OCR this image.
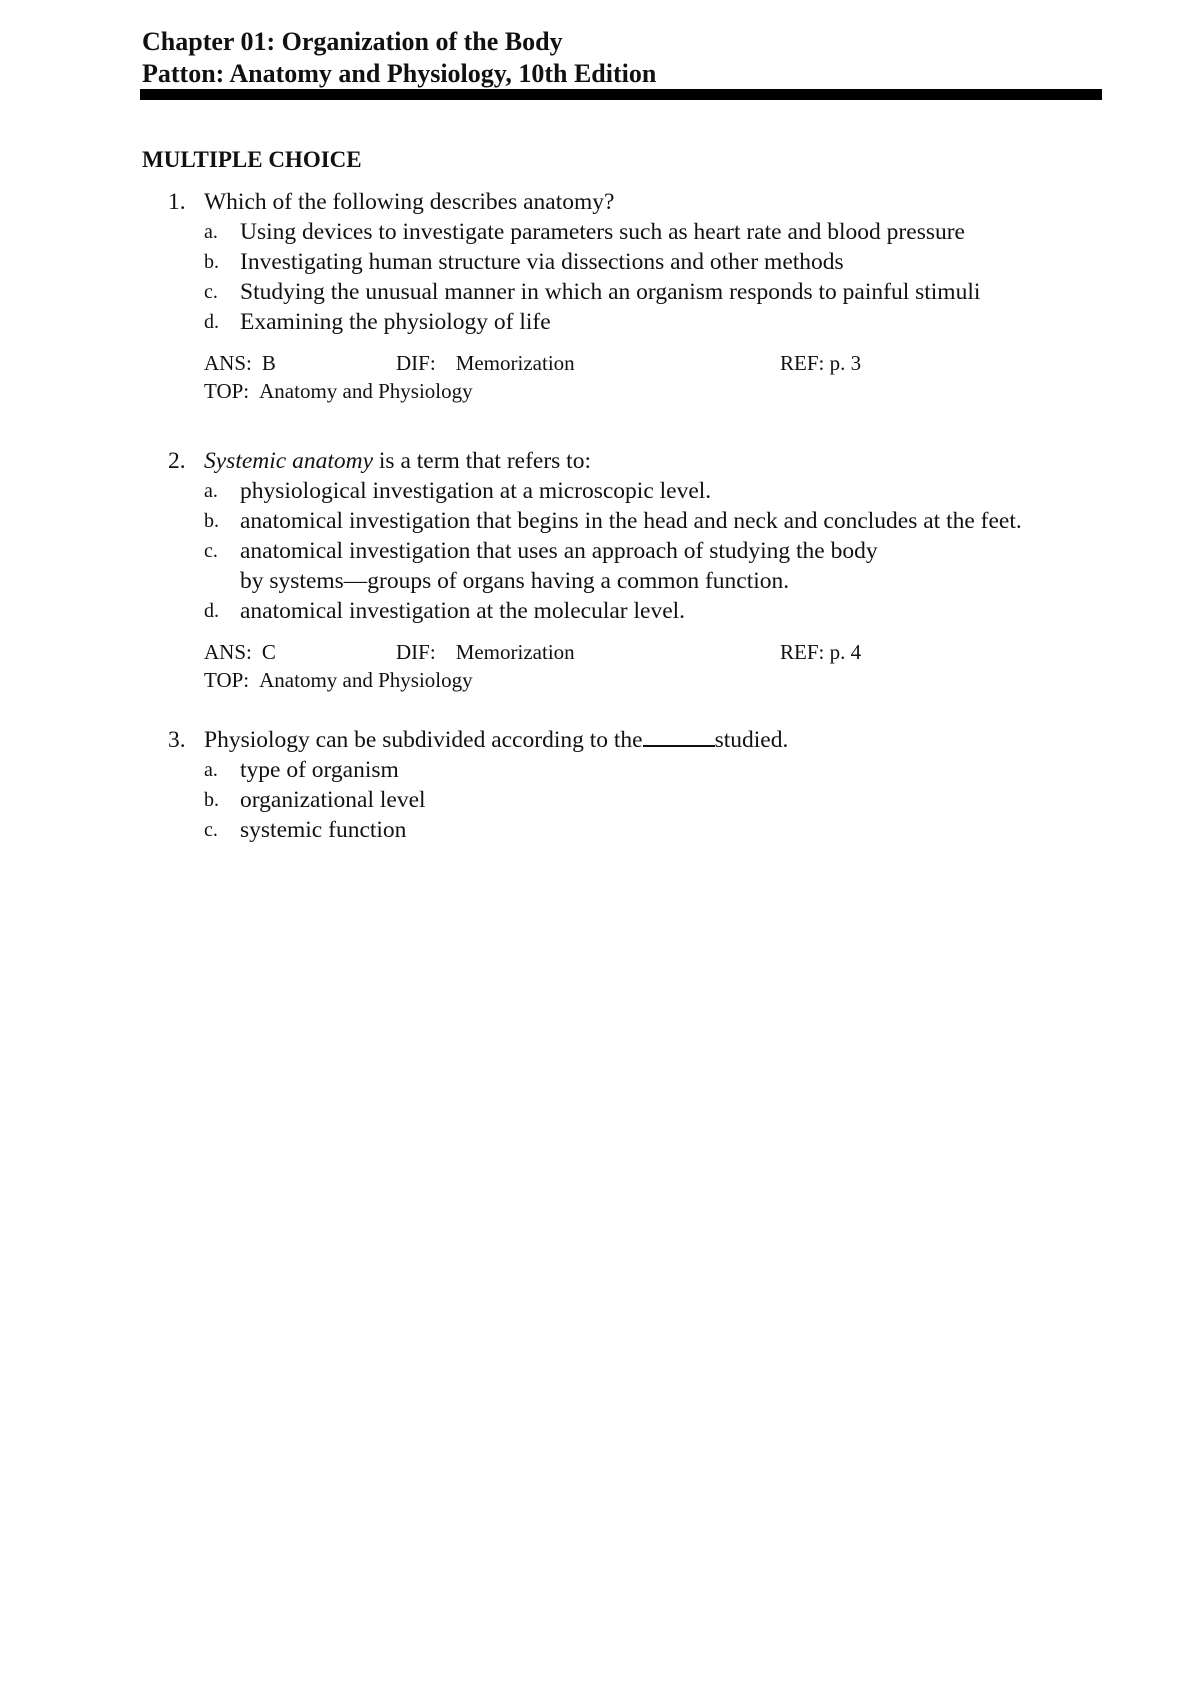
Chapter 01: Organization of the Body
Patton: Anatomy and Physiology, 10th Edition
MULTIPLE CHOICE
1. Which of the following describes anatomy?
a. Using devices to investigate parameters such as heart rate and blood pressure
b. Investigating human structure via dissections and other methods
c. Studying the unusual manner in which an organism responds to painful stimuli
d. Examining the physiology of life
ANS: B	DIF: Memorization	REF: p. 3
TOP: Anatomy and Physiology
2. Systemic anatomy is a term that refers to:
a. physiological investigation at a microscopic level.
b. anatomical investigation that begins in the head and neck and concludes at the feet.
c. anatomical investigation that uses an approach of studying the body by systems—groups of organs having a common function.
d. anatomical investigation at the molecular level.
ANS: C	DIF: Memorization	REF: p. 4
TOP: Anatomy and Physiology
3. Physiology can be subdivided according to the	studied.
a. type of organism
b. organizational level
c. systemic function
